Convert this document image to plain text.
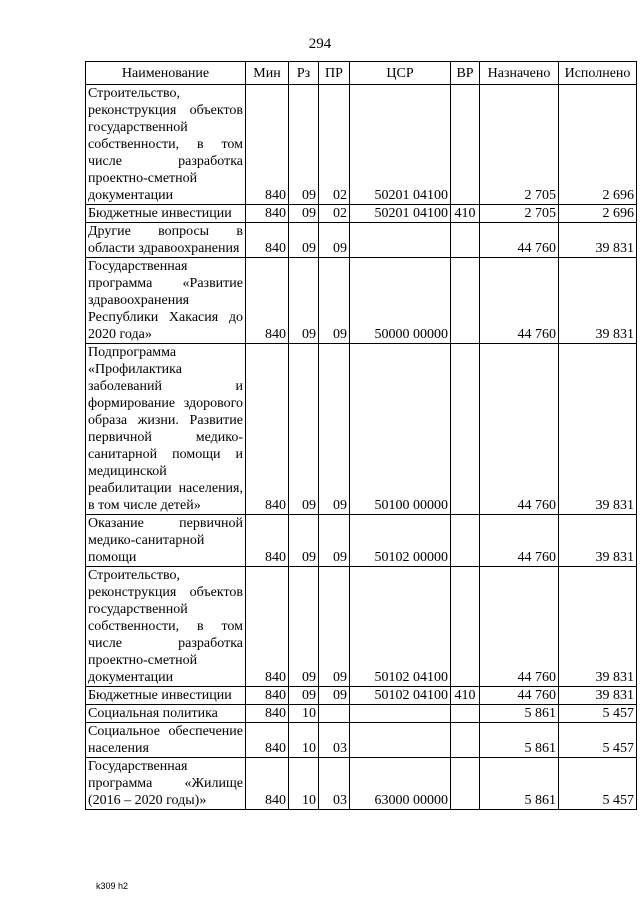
294
Наименование	Мин	Рз	ПР	ЦСР	ВР	Назначено	Исполнено
Строительство, реконструкция объектов государственной собственности, в том числе разработка проектно-сметной документации	840	09	02	50201 04100		2 705	2 696
Бюджетные инвестиции	840	09	02	50201 04100	410	2 705	2 696
Другие вопросы в области здравоохранения	840	09	09			44 760	39 831
Государственная программа «Развитие здравоохранения Республики Хакасия до 2020 года»	840	09	09	50000 00000		44 760	39 831
Подпрограмма «Профилактика заболеваний и формирование здорового образа жизни. Развитие первичной медико-санитарной помощи и медицинской реабилитации населения, в том числе детей»	840	09	09	50100 00000		44 760	39 831
Оказание первичной медико-санитарной помощи	840	09	09	50102 00000		44 760	39 831
Строительство, реконструкция объектов государственной собственности, в том числе разработка проектно-сметной документации	840	09	09	50102 04100		44 760	39 831
Бюджетные инвестиции	840	09	09	50102 04100	410	44 760	39 831
Социальная политика	840	10				5 861	5 457
Социальное обеспечение населения	840	10	03			5 861	5 457
Государственная программа «Жилище (2016 – 2020 годы)»	840	10	03	63000 00000		5 861	5 457
k309 h2
